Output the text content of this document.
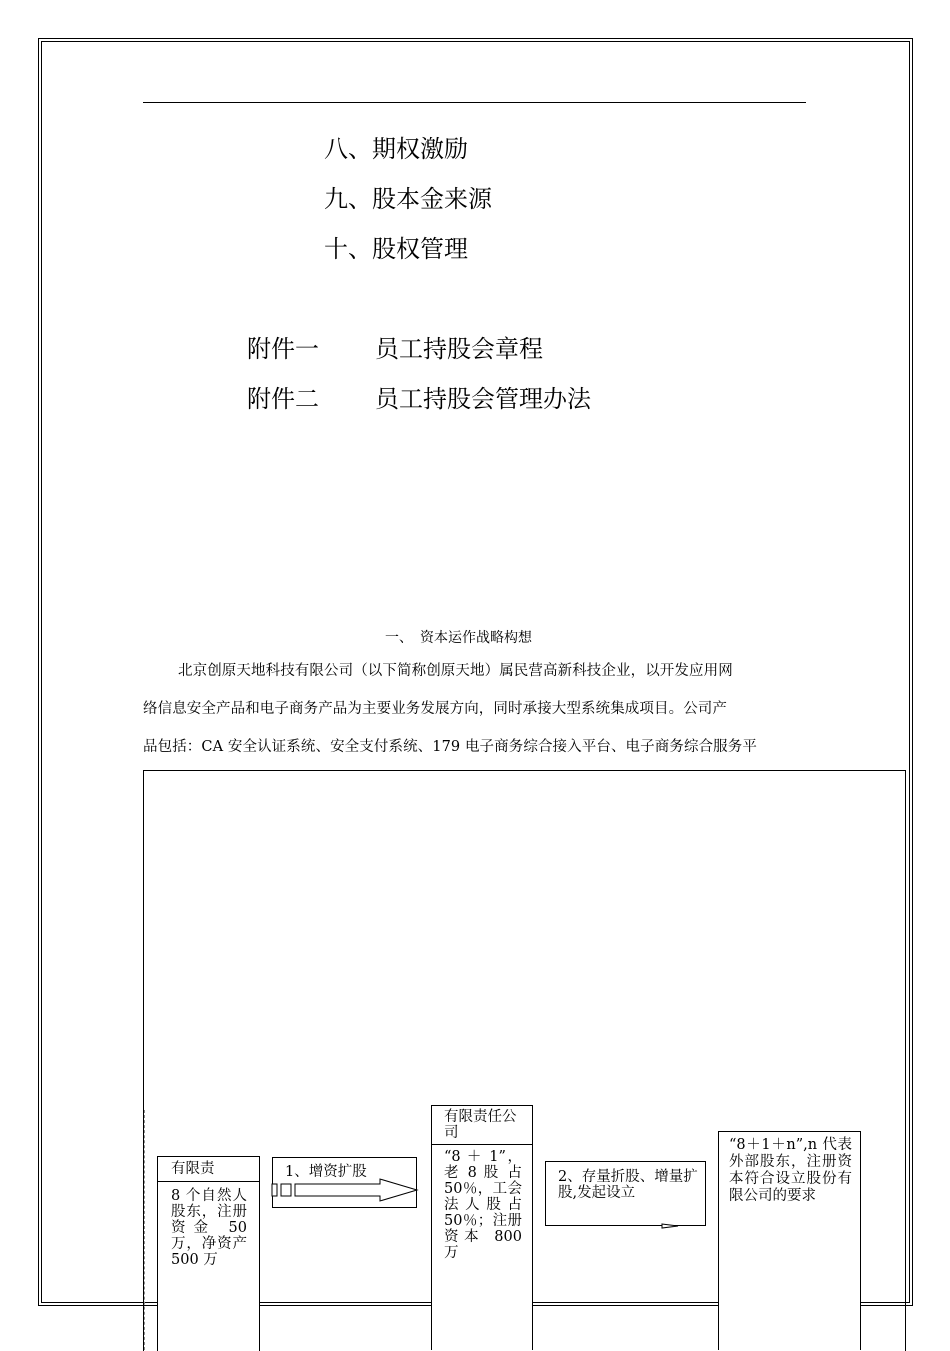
八、期权激励
九、股本金来源
十、股权管理
附件一 员工持股会章程
附件二 员工持股会管理办法
一、　资本运作战略构想
北京创原天地科技有限公司（以下简称创原天地）属民营高新科技企业，以开发应用网
络信息安全产品和电子商务产品为主要业务发展方向，同时承接大型系统集成项目。公司产
品包括：CA 安全认证系统、安全支付系统、179 电子商务综合接入平台、电子商务综合服务平
有限责
8 个自然人股东，注册资金 50 万，净资产 500 万
1、增资扩股
有限责任公司
“8 ＋ 1”，老 8 股 占 50％，工会法人股占 50％；注册资本 800 万
2、存量折股、增量扩股,发起设立
“8＋1＋n”,n 代表外部股东，注册资本符合设立股份有限公司的要求
